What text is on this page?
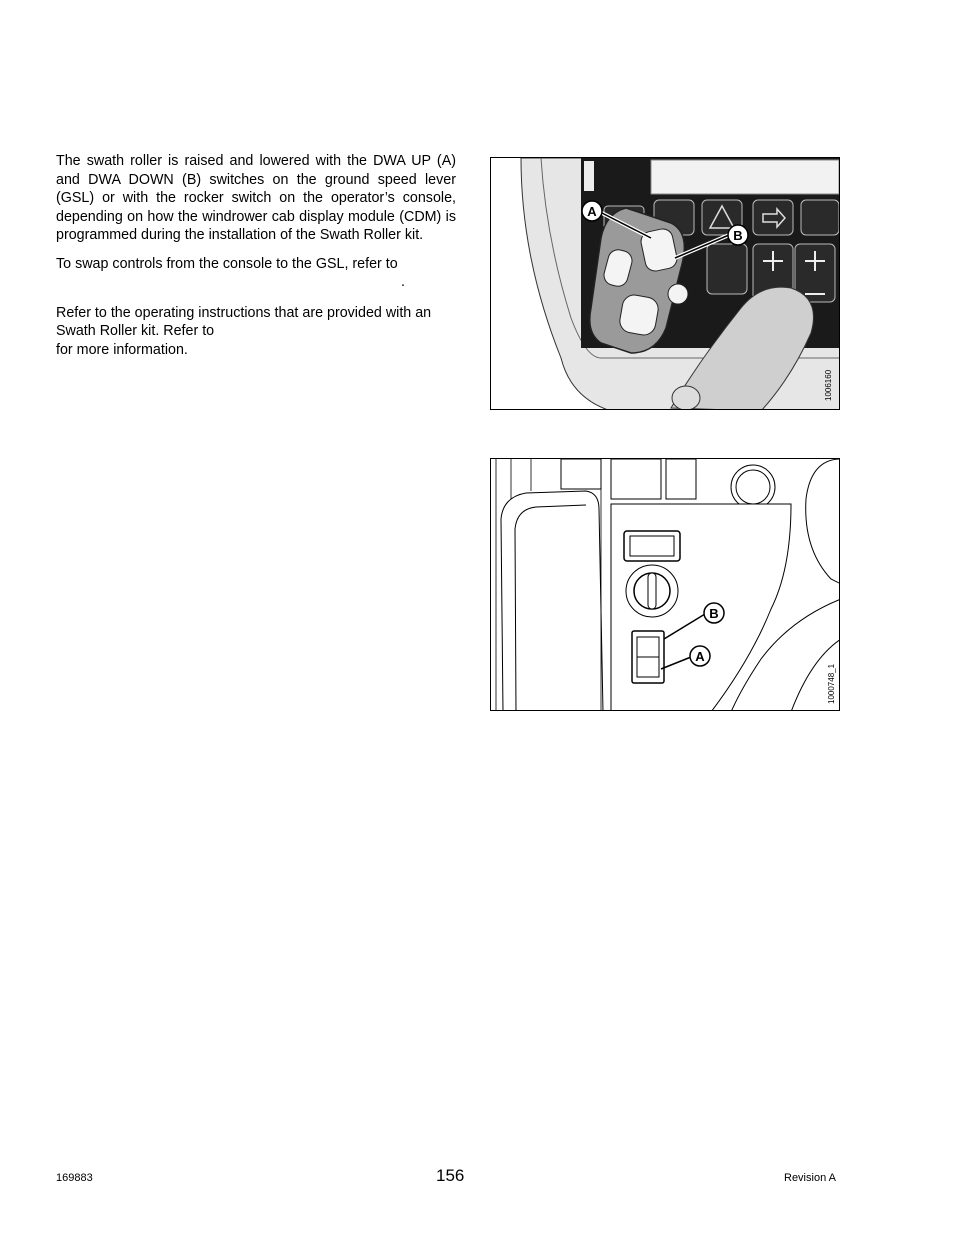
The swath roller is raised and lowered with the DWA UP (A) and DWA DOWN (B) switches on the ground speed lever (GSL) or with the rocker switch on the operator’s console, depending on how the windrower cab display module (CDM) is programmed during the installation of the Swath Roller kit.

To swap controls from the console to the GSL, refer to
.

Refer to the operating instructions that are provided with an Swath Roller kit. Refer to
for more information.

A
B
1006160
B
A
1000748_1
169883	156	Revision A
